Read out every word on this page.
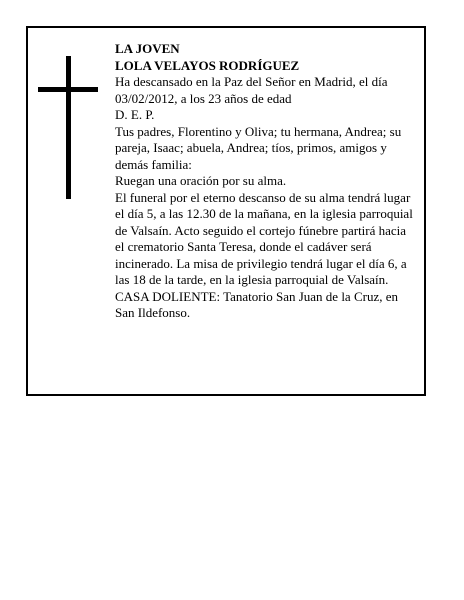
LA JOVEN

LOLA VELAYOS RODRÍGUEZ

Ha descansado en la Paz del Señor en Madrid, el día 03/02/2012, a los 23 años de edad

D. E. P.

Tus padres, Florentino y Oliva; tu hermana, Andrea; su pareja, Isaac; abuela, Andrea; tíos, primos, amigos y demás familia:

Ruegan una oración por su alma.

El funeral por el eterno descanso de su alma tendrá lugar el día 5, a las 12.30 de la mañana, en la iglesia parroquial de Valsaín. Acto seguido el cortejo fúnebre partirá hacia el crematorio Santa Teresa, donde el cadáver será incinerado. La misa de privilegio tendrá lugar el día 6, a las 18 de la tarde, en la iglesia parroquial de Valsaín.

CASA DOLIENTE: Tanatorio San Juan de la Cruz, en San Ildefonso.
